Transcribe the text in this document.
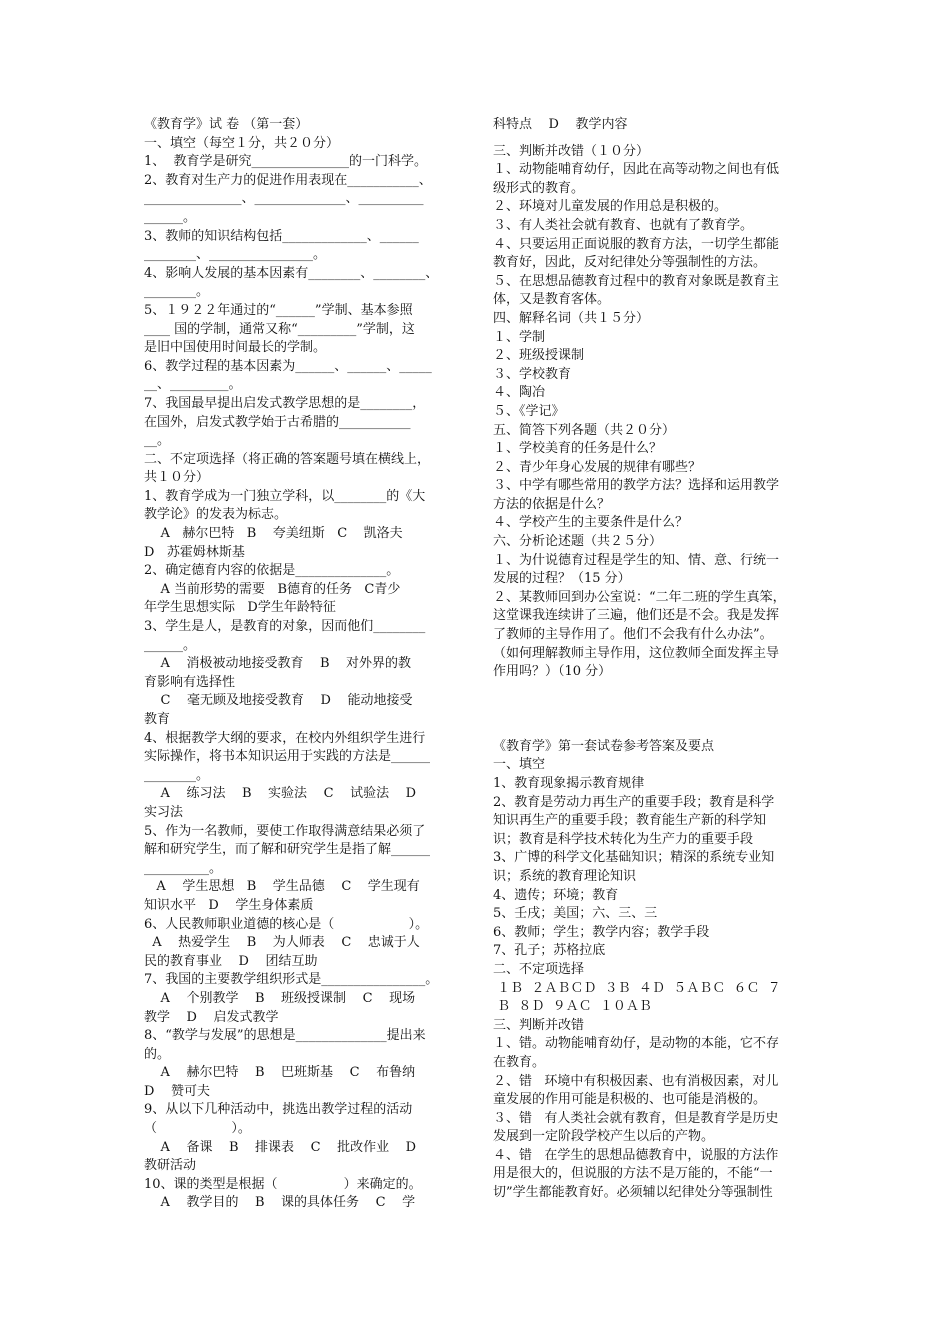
《教育学》试 卷 （第一套）
一、填空（每空１分，共２０分）
1、  教育学是研究_______________的一门科学。
2、教育对生产力的促进作用表现在___________、
_______________、______________、__________
______。
3、教师的知识结构包括_____________、______
________、________________。
4、影响人发展的基本因素有________、________、
________。
5、１９２２年通过的“______”学制、基本参照
____ 国的学制，通常又称“_________”学制，这
是旧中国使用时间最长的学制。
6、教学过程的基本因素为______、______、_____
__、_________。
7、我国最早提出启发式教学思想的是________，
在国外，启发式教学始于古希腊的___________
__。
二、不定项选择（将正确的答案题号填在横线上，
共１０分）
1、教育学成为一门独立学科，以________的《大
教学论》的发表为标志。
A   赫尔巴特   B    夸美纽斯   C    凯洛夫
D   苏霍姆林斯基
2、确定德育内容的依据是______________。
A 当前形势的需要   B德育的任务   C青少
年学生思想实际   D学生年龄特征
3、学生是人，是教育的对象，因而他们________
______。
A    消极被动地接受教育    B    对外界的教
育影响有选择性
C    毫无顾及地接受教育    D    能动地接受
教育
4、根据教学大纲的要求，在校内外组织学生进行
实际操作，将书本知识运用于实践的方法是______
________。
A    练习法    B    实验法    C    试验法    D
实习法
5、作为一名教师，要使工作取得满意结果必须了
解和研究学生，而了解和研究学生是指了解______
__________。
A    学生思想   B    学生品德    C    学生现有
知识水平   D    学生身体素质
6、人民教师职业道德的核心是（                  ）。
A    热爱学生    B    为人师表    C    忠诚于人
民的教育事业    D    团结互助
7、我国的主要教学组织形式是________________。
A    个别教学    B    班级授课制    C    现场
教学    D    启发式教学
8、“教学与发展”的思想是______________提出来
的。
A    赫尔巴特    B    巴班斯基    C    布鲁纳
D    赞可夫
9、从以下几种活动中，挑选出教学过程的活动
（                  ）。
A    备课    B    排课表    C    批改作业    D
教研活动
10、课的类型是根据（                ）来确定的。
A    教学目的    B    课的具体任务    C    学
科特点    D    教学内容
三、判断并改错（１０分）
１、动物能哺育幼仔，因此在高等动物之间也有低
级形式的教育。
２、环境对儿童发展的作用总是积极的。
３、有人类社会就有教育、也就有了教育学。
４、只要运用正面说服的教育方法，一切学生都能
教育好，因此，反对纪律处分等强制性的方法。
５、在思想品德教育过程中的教育对象既是教育主
体，又是教育客体。
四、解释名词（共１５分）
１、学制
２、班级授课制
３、学校教育
４、陶冶
５、《学记》
五、简答下列各题（共２０分）
１、学校美育的任务是什么？
２、青少年身心发展的规律有哪些？
３、中学有哪些常用的教学方法？选择和运用教学
方法的依据是什么？
４、学校产生的主要条件是什么？
六、分析论述题（共２５分）
１、为什说德育过程是学生的知、情、意、行统一
发展的过程？（15 分）
２、某教师回到办公室说：“二年二班的学生真笨，
这堂课我连续讲了三遍，他们还是不会。我是发挥
了教师的主导作用了。他们不会我有什么办法”。
（如何理解教师主导作用，这位教师全面发挥主导
作用吗？）（10 分）
《教育学》第一套试卷参考答案及要点
一、填空
1、教育现象揭示教育规律
2、教育是劳动力再生产的重要手段；教育是科学
知识再生产的重要手段；教育能生产新的科学知
识；教育是科学技术转化为生产力的重要手段
3、广博的科学文化基础知识；精深的系统专业知
识；系统的教育理论知识
4、遗传；环境；教育
5、壬戌；美国；六、三、三
6、教师；学生；教学内容；教学手段
7、孔子；苏格拉底
二、不定项选择
１Ｂ  ２ＡＢＣＤ  ３Ｂ  ４Ｄ  ５ＡＢＣ  ６Ｃ  ７
Ｂ  ８Ｄ  ９ＡＣ  １０ＡＢ
三、判断并改错
１、错。动物能哺育幼仔，是动物的本能，它不存
在教育。
２、错   环境中有积极因素、也有消极因素，对儿
童发展的作用可能是积极的、也可能是消极的。
３、错   有人类社会就有教育，但是教育学是历史
发展到一定阶段学校产生以后的产物。
４、错   在学生的思想品德教育中，说服的方法作
用是很大的，但说服的方法不是万能的，不能“一
切”学生都能教育好。必须辅以纪律处分等强制性
